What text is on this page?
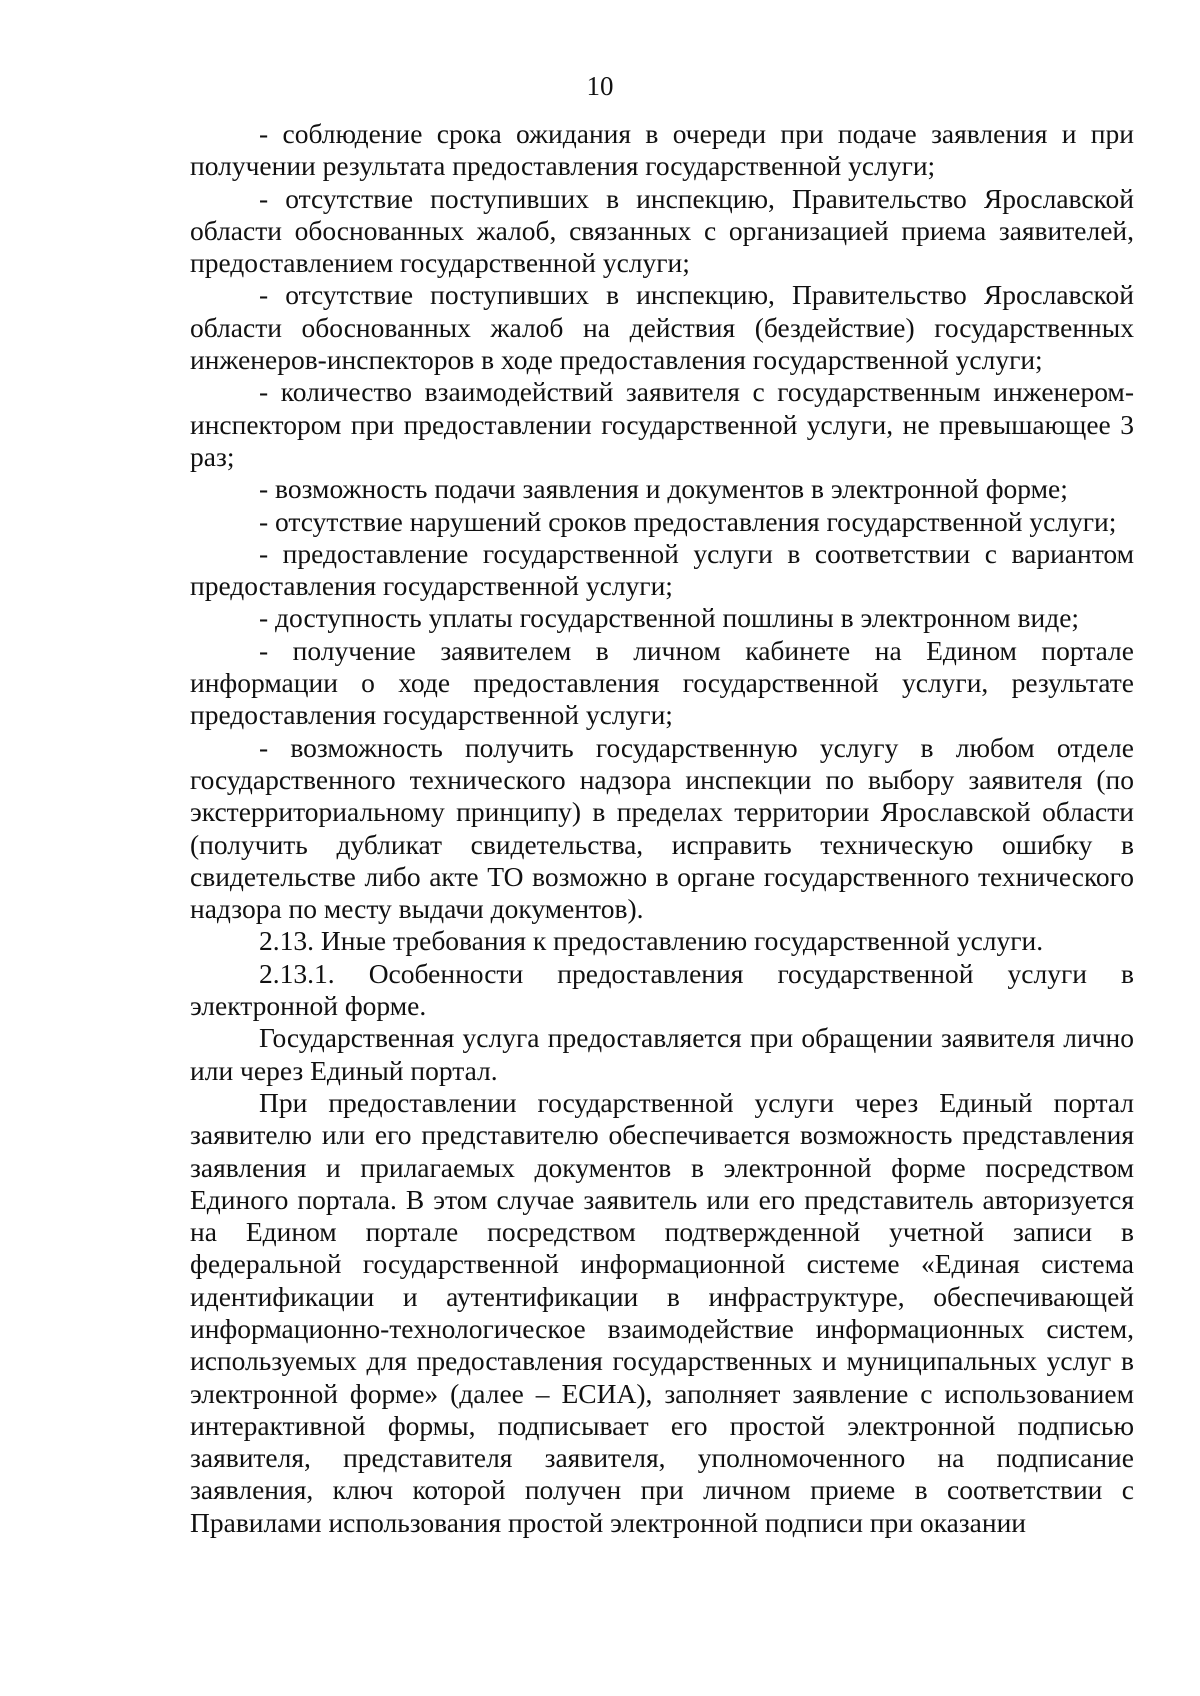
10

- соблюдение срока ожидания в очереди при подаче заявления и при получении результата предоставления государственной услуги;

- отсутствие поступивших в инспекцию, Правительство Ярославской области обоснованных жалоб, связанных с организацией приема заявителей, предоставлением государственной услуги;

- отсутствие поступивших в инспекцию, Правительство Ярославской области обоснованных жалоб на действия (бездействие) государственных инженеров-инспекторов в ходе предоставления государственной услуги;

- количество взаимодействий заявителя с государственным инженером-инспектором при предоставлении государственной услуги, не превышающее 3 раз;

- возможность подачи заявления и документов в электронной форме;

- отсутствие нарушений сроков предоставления государственной услуги;

- предоставление государственной услуги в соответствии с вариантом предоставления государственной услуги;

- доступность уплаты государственной пошлины в электронном виде;

- получение заявителем в личном кабинете на Едином портале информации о ходе предоставления государственной услуги, результате предоставления государственной услуги;

- возможность получить государственную услугу в любом отделе государственного технического надзора инспекции по выбору заявителя (по экстерриториальному принципу) в пределах территории Ярославской области (получить дубликат свидетельства, исправить техническую ошибку в свидетельстве либо акте ТО возможно в органе государственного технического надзора по месту выдачи документов).

2.13. Иные требования к предоставлению государственной услуги.

2.13.1. Особенности предоставления государственной услуги в электронной форме.

Государственная услуга предоставляется при обращении заявителя лично или через Единый портал.

При предоставлении государственной услуги через Единый портал заявителю или его представителю обеспечивается возможность представления заявления и прилагаемых документов в электронной форме посредством Единого портала. В этом случае заявитель или его представитель авторизуется на Едином портале посредством подтвержденной учетной записи в федеральной государственной информационной системе «Единая система идентификации и аутентификации в инфраструктуре, обеспечивающей информационно-технологическое взаимодействие информационных систем, используемых для предоставления государственных и муниципальных услуг в электронной форме» (далее – ЕСИА), заполняет заявление с использованием интерактивной формы, подписывает его простой электронной подписью заявителя, представителя заявителя, уполномоченного на подписание заявления, ключ которой получен при личном приеме в соответствии с Правилами использования простой электронной подписи при оказании
